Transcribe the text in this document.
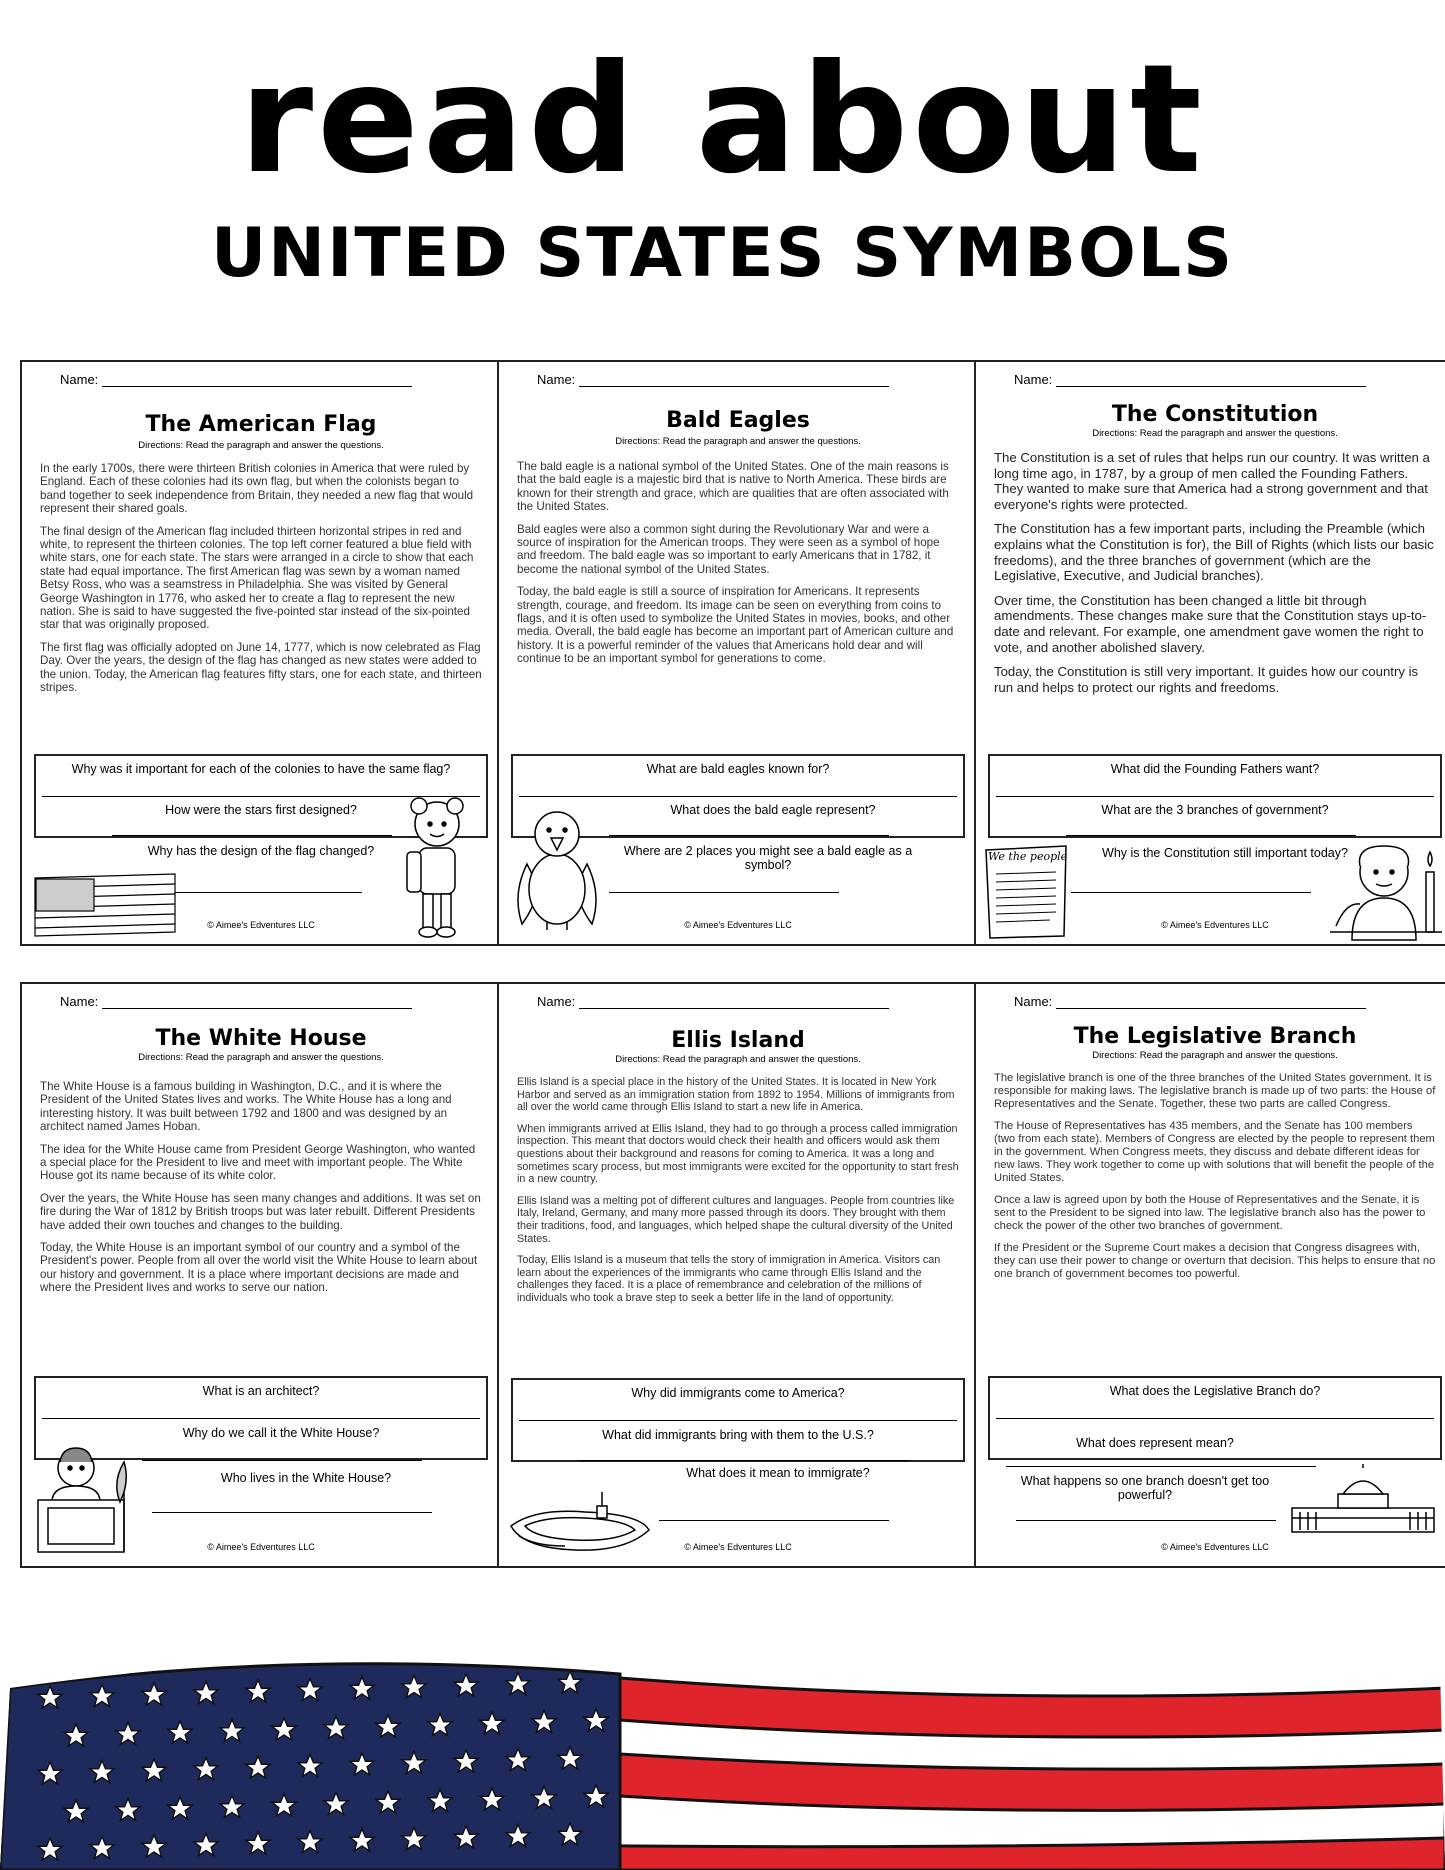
read about
UNITED STATES SYMBOLS
Name:
The American Flag
Directions: Read the paragraph and answer the questions.

In the early 1700s, there were thirteen British colonies in America that were ruled by England. Each of these colonies had its own flag, but when the colonists began to band together to seek independence from Britain, they needed a new flag that would represent their shared goals.

The final design of the American flag included thirteen horizontal stripes in red and white, to represent the thirteen colonies. The top left corner featured a blue field with white stars, one for each state. The stars were arranged in a circle to show that each state had equal importance. The first American flag was sewn by a woman named Betsy Ross, who was a seamstress in Philadelphia. She was visited by General George Washington in 1776, who asked her to create a flag to represent the new nation. She is said to have suggested the five-pointed star instead of the six-pointed star that was originally proposed.

The first flag was officially adopted on June 14, 1777, which is now celebrated as Flag Day. Over the years, the design of the flag has changed as new states were added to the union. Today, the American flag features fifty stars, one for each state, and thirteen stripes.

Why was it important for each of the colonies to have the same flag?
How were the stars first designed?
Why has the design of the flag changed?
© Aimee's Edventures LLC
Name:
Bald Eagles
Directions: Read the paragraph and answer the questions.

The bald eagle is a national symbol of the United States. One of the main reasons is that the bald eagle is a majestic bird that is native to North America. These birds are known for their strength and grace, which are qualities that are often associated with the United States.

Bald eagles were also a common sight during the Revolutionary War and were a source of inspiration for the American troops. They were seen as a symbol of hope and freedom. The bald eagle was so important to early Americans that in 1782, it become the national symbol of the United States.

Today, the bald eagle is still a source of inspiration for Americans. It represents strength, courage, and freedom. Its image can be seen on everything from coins to flags, and it is often used to symbolize the United States in movies, books, and other media. Overall, the bald eagle has become an important part of American culture and history. It is a powerful reminder of the values that Americans hold dear and will continue to be an important symbol for generations to come.

What are bald eagles known for?
What does the bald eagle represent?
Where are 2 places you might see a bald eagle as a symbol?
© Aimee's Edventures LLC
Name:
The Constitution
Directions: Read the paragraph and answer the questions.

The Constitution is a set of rules that helps run our country. It was written a long time ago, in 1787, by a group of men called the Founding Fathers. They wanted to make sure that America had a strong government and that everyone's rights were protected.

The Constitution has a few important parts, including the Preamble (which explains what the Constitution is for), the Bill of Rights (which lists our basic freedoms), and the three branches of government (which are the Legislative, Executive, and Judicial branches).

Over time, the Constitution has been changed a little bit through amendments. These changes make sure that the Constitution stays up-to-date and relevant. For example, one amendment gave women the right to vote, and another abolished slavery.

Today, the Constitution is still very important. It guides how our country is run and helps to protect our rights and freedoms.

What did the Founding Fathers want?
What are the 3 branches of government?
Why is the Constitution still important today?
We the people
© Aimee's Edventures LLC
Name:
The White House
Directions: Read the paragraph and answer the questions.

The White House is a famous building in Washington, D.C., and it is where the President of the United States lives and works. The White House has a long and interesting history. It was built between 1792 and 1800 and was designed by an architect named James Hoban.

The idea for the White House came from President George Washington, who wanted a special place for the President to live and meet with important people. The White House got its name because of its white color.

Over the years, the White House has seen many changes and additions. It was set on fire during the War of 1812 by British troops but was later rebuilt. Different Presidents have added their own touches and changes to the building.

Today, the White House is an important symbol of our country and a symbol of the President's power. People from all over the world visit the White House to learn about our history and government. It is a place where important decisions are made and where the President lives and works to serve our nation.

What is an architect?
Why do we call it the White House?
Who lives in the White House?
© Aimee's Edventures LLC
Name:
Ellis Island
Directions: Read the paragraph and answer the questions.

Ellis Island is a special place in the history of the United States. It is located in New York Harbor and served as an immigration station from 1892 to 1954. Millions of immigrants from all over the world came through Ellis Island to start a new life in America.

When immigrants arrived at Ellis Island, they had to go through a process called immigration inspection. This meant that doctors would check their health and officers would ask them questions about their background and reasons for coming to America. It was a long and sometimes scary process, but most immigrants were excited for the opportunity to start fresh in a new country.

Ellis Island was a melting pot of different cultures and languages. People from countries like Italy, Ireland, Germany, and many more passed through its doors. They brought with them their traditions, food, and languages, which helped shape the cultural diversity of the United States.

Today, Ellis Island is a museum that tells the story of immigration in America. Visitors can learn about the experiences of the immigrants who came through Ellis Island and the challenges they faced. It is a place of remembrance and celebration of the millions of individuals who took a brave step to seek a better life in the land of opportunity.

Why did immigrants come to America?
What did immigrants bring with them to the U.S.?
What does it mean to immigrate?
© Aimee's Edventures LLC
Name:
The Legislative Branch
Directions: Read the paragraph and answer the questions.

The legislative branch is one of the three branches of the United States government. It is responsible for making laws. The legislative branch is made up of two parts: the House of Representatives and the Senate. Together, these two parts are called Congress.

The House of Representatives has 435 members, and the Senate has 100 members (two from each state). Members of Congress are elected by the people to represent them in the government. When Congress meets, they discuss and debate different ideas for new laws. They work together to come up with solutions that will benefit the people of the United States.

Once a law is agreed upon by both the House of Representatives and the Senate, it is sent to the President to be signed into law. The legislative branch also has the power to check the power of the other two branches of government.

If the President or the Supreme Court makes a decision that Congress disagrees with, they can use their power to change or overturn that decision. This helps to ensure that no one branch of government becomes too powerful.

What does the Legislative Branch do?
What does represent mean?
What happens so one branch doesn't get too powerful?
© Aimee's Edventures LLC
